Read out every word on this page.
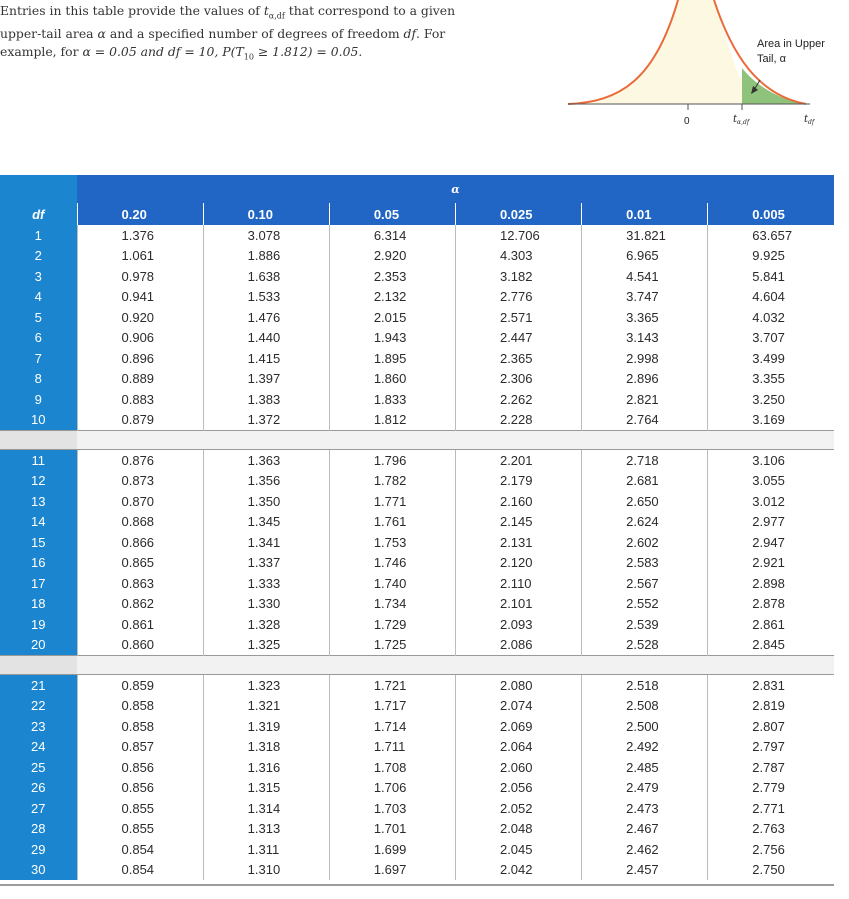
Entries in this table provide the values of $t_{\alpha,df}$ that correspond to a given upper-tail area α and a specified number of degrees of freedom df. For example, for α = 0.05 and df = 10, $P(T_{10} \ge 1.812) = 0.05$.
Area in Upper
Tail, α
0	$t_{\alpha,df}$	$t_{df}$
	α					
df	0.20	0.10	0.05	0.025	0.01	0.005
1	1.376	3.078	6.314	12.706	31.821	63.657
2	1.061	1.886	2.920	4.303	6.965	9.925
3	0.978	1.638	2.353	3.182	4.541	5.841
4	0.941	1.533	2.132	2.776	3.747	4.604
5	0.920	1.476	2.015	2.571	3.365	4.032
6	0.906	1.440	1.943	2.447	3.143	3.707
7	0.896	1.415	1.895	2.365	2.998	3.499
8	0.889	1.397	1.860	2.306	2.896	3.355
9	0.883	1.383	1.833	2.262	2.821	3.250
10	0.879	1.372	1.812	2.228	2.764	3.169

11	0.876	1.363	1.796	2.201	2.718	3.106
12	0.873	1.356	1.782	2.179	2.681	3.055
13	0.870	1.350	1.771	2.160	2.650	3.012
14	0.868	1.345	1.761	2.145	2.624	2.977
15	0.866	1.341	1.753	2.131	2.602	2.947
16	0.865	1.337	1.746	2.120	2.583	2.921
17	0.863	1.333	1.740	2.110	2.567	2.898
18	0.862	1.330	1.734	2.101	2.552	2.878
19	0.861	1.328	1.729	2.093	2.539	2.861
20	0.860	1.325	1.725	2.086	2.528	2.845

21	0.859	1.323	1.721	2.080	2.518	2.831
22	0.858	1.321	1.717	2.074	2.508	2.819
23	0.858	1.319	1.714	2.069	2.500	2.807
24	0.857	1.318	1.711	2.064	2.492	2.797
25	0.856	1.316	1.708	2.060	2.485	2.787
26	0.856	1.315	1.706	2.056	2.479	2.779
27	0.855	1.314	1.703	2.052	2.473	2.771
28	0.855	1.313	1.701	2.048	2.467	2.763
29	0.854	1.311	1.699	2.045	2.462	2.756
30	0.854	1.310	1.697	2.042	2.457	2.750
